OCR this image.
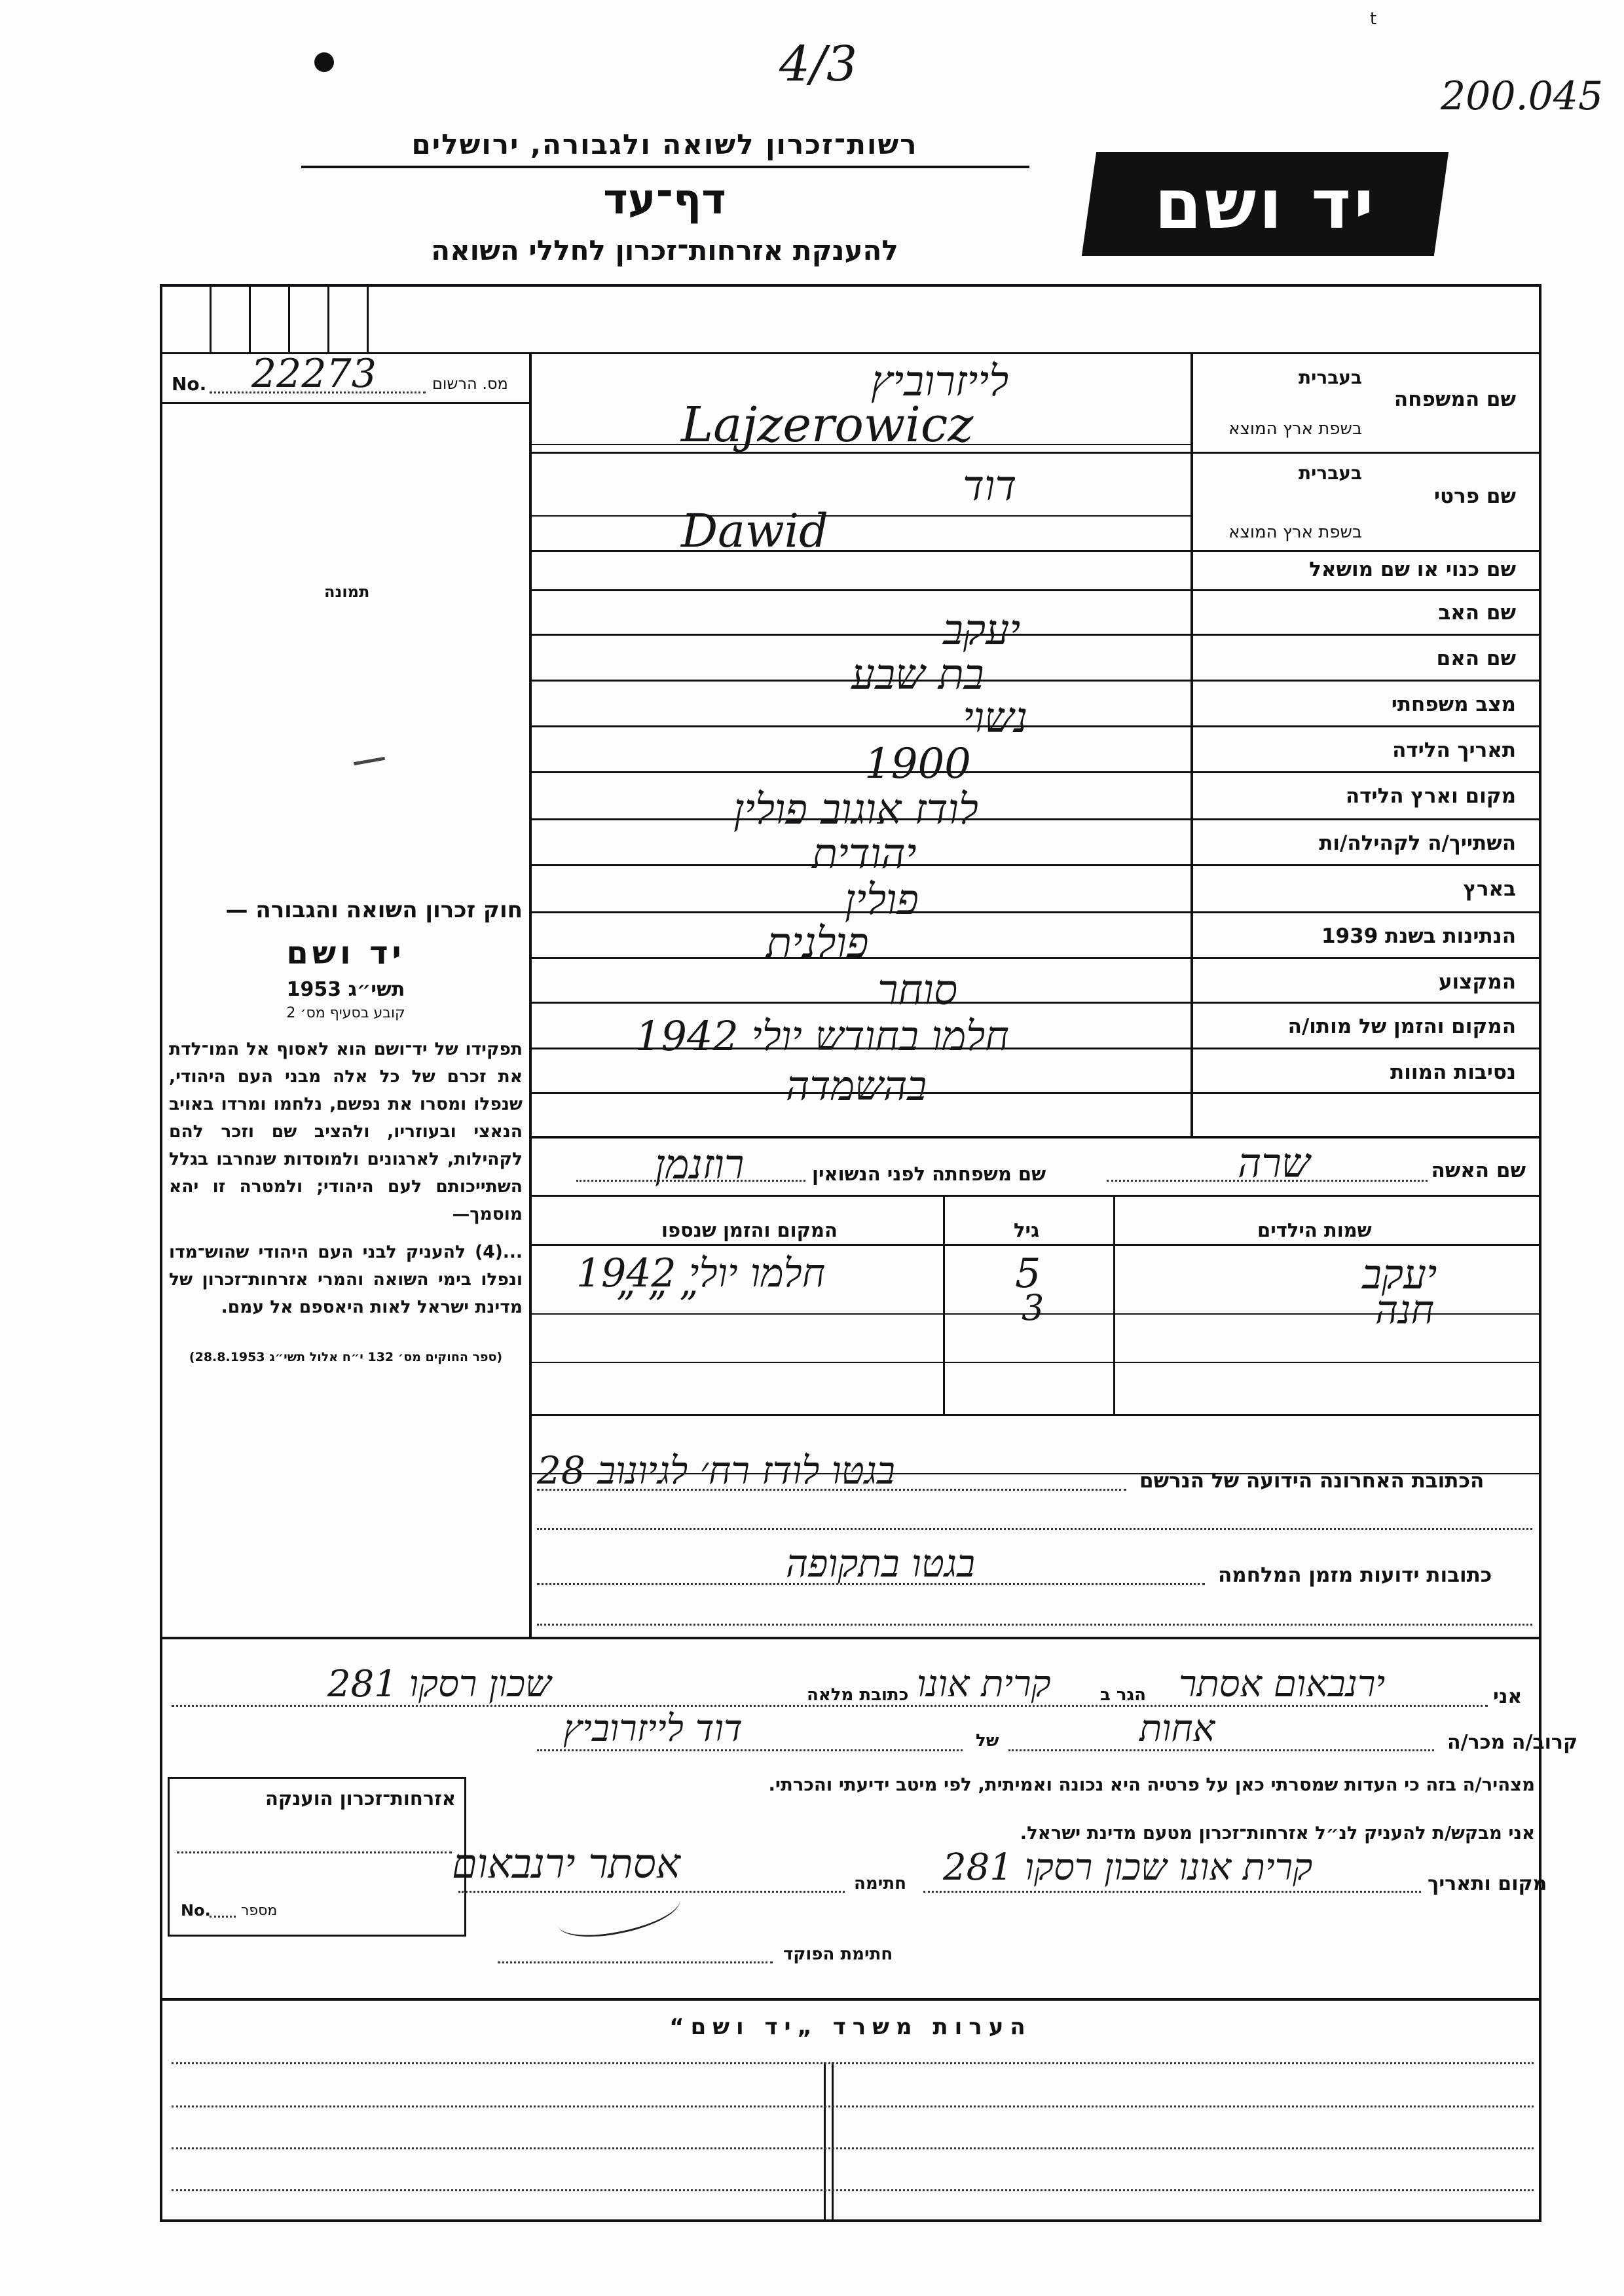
4/3
200.045
t
רשות־זכרון לשואה ולגבורה, ירושלים
דף־עד
להענקת אזרחות־זכרון לחללי השואה
יד ושם
No. 22273	מס. הרשום
תמונה

חוק זכרון השואה והגבורה —

יד ושם

תשי״ג 1953

קובע בסעיף מס׳ 2

תפקידו של יד־ושם הוא לאסוף אל המו־לדת את זכרם של כל אלה מבני העם היהודי, שנפלו ומסרו את נפשם, נלחמו ומרדו באויב הנאצי ובעוזריו, ולהציב שם וזכר להם לקהילות, לארגונים ולמוסדות שנחרבו בגלל השתייכותם לעם היהודי; ולמטרה זו יהא מוסמך—

...(4) להעניק לבני העם היהודי שהוש־מדו ונפלו בימי השואה והמרי אזרחות־זכרון של מדינת ישראל לאות היאספם אל עמם.

(ספר החוקים מס׳ 132 י״ח אלול תשי״ג 28.8.1953)

שם המשפחה
בעברית
בשפת ארץ המוצא
שם פרטי
בעברית
בשפת ארץ המוצא
שם כנוי או שם מושאל
שם האב
שם האם
מצב משפחתי
תאריך הלידה
מקום וארץ הלידה
השתייך/ה לקהילה/ות
בארץ
הנתינות בשנת 1939
המקצוע
המקום והזמן של מותו/ה
נסיבות המוות
לייזרוביץ
Lajzerowicz
דוד
Dawid
יעקב
בת שבע
נשוי
1900
לודז אוגוב פולין
יהודית
פולין
פולנית
סוחר
חלמו בחודש יולי 1942
בהשמדה
שם האשה
שרה
שם משפחתה לפני הנשואין
רוזנמן
שמות הילדים
גיל
המקום והזמן שנספו
יעקב
5
חלמו יולי 1942
חנה
3
” ” ”
הכתובת האחרונה הידועה של הנרשם
בגטו לודז רח׳ לגיונוב 28
כתובות ידועות מזמן המלחמה
בגטו בתקופה
אני
ירנבאום אסתר
הגר ב
קרית אונו
כתובת מלאה
שכון רסקו 281
קרוב/ה מכר/ה
אחות
של
דוד לייזרוביץ
מצהיר/ה בזה כי העדות שמסרתי כאן על פרטיה היא נכונה ואמיתית, לפי מיטב ידיעתי והכרתי.
אני מבקש/ת להעניק לנ״ל אזרחות־זכרון מטעם מדינת ישראל.
מקום ותאריך
קרית אונו שכון רסקו 281
חתימה
אסתר ירנבאום
חתימת הפוקד
אזרחות־זכרון הוענקה
No. מספר
הערות משרד „יד ושם“
